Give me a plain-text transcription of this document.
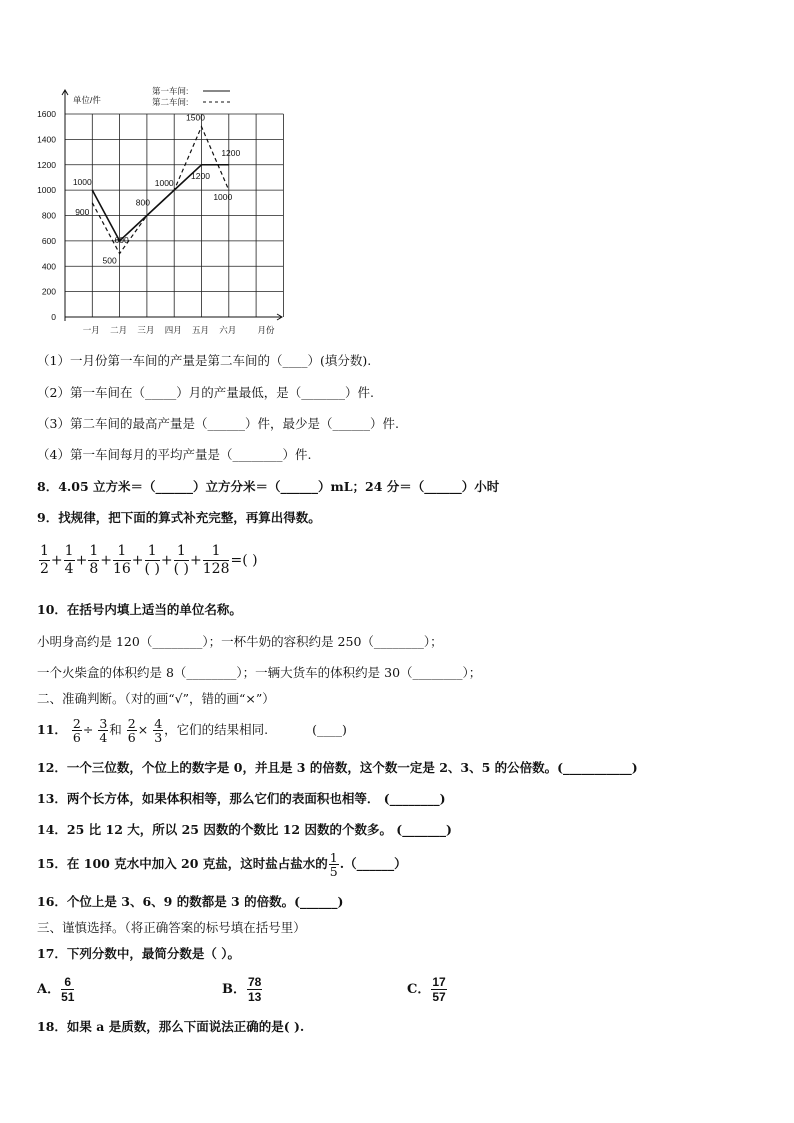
单位/件
0
200
400
600
800
1000
1200
1400
1600
一月 二月 三月 四月 五月 六月 月份
1000
600
800
1000
1200
1200
900
500
1500
1000
第一车间:
第二车间:
（1）一月份第一车间的产量是第二车间的（____）(填分数).
（2）第一车间在（_____）月的产量最低，是（_______）件.
（3）第二车间的最高产量是（______）件，最少是（______）件.
（4）第一车间每月的平均产量是（________）件.
8．4.05 立方米＝（______）立方分米＝（______）mL；24 分＝（______）小时
9．找规律，把下面的算式补充完整，再算出得数。
$\frac{1}{2} + \frac{1}{4} + \frac{1}{8} + \frac{1}{16} + \frac{1}{( )} + \frac{1}{( )} + \frac{1}{128}$ =( )
10．在括号内填上适当的单位名称。
小明身高约是 120（________）；一杯牛奶的容积约是 250（________）；
一个火柴盒的体积约是 8（________）；一辆大货车的体积约是 30（________）；
二、准确判断。（对的画“√”，错的画“×”）
11． $\frac{2}{6} \div \frac{3}{4}$ 和 $\frac{2}{6} \times \frac{4}{3}$ ，它们的结果相同.	(____)
12．一个三位数，个位上的数字是 0，并且是 3 的倍数，这个数一定是 2、3、5 的公倍数。(___________)
13．两个长方体，如果体积相等，那么它们的表面积也相等． (________)
14．25 比 12 大，所以 25 因数的个数比 12 因数的个数多。 (_______)
15．在 100 克水中加入 20 克盐，这时盐占盐水的 $\frac{1}{5}$ .（______）
16．个位上是 3、6、9 的数都是 3 的倍数。(______)
三、谨慎选择。（将正确答案的标号填在括号里）
17．下列分数中，最简分数是（ ）。
A． $\frac{6}{51}$	B． $\frac{78}{13}$	C． $\frac{17}{57}$
18．如果 a 是质数，那么下面说法正确的是( ).
